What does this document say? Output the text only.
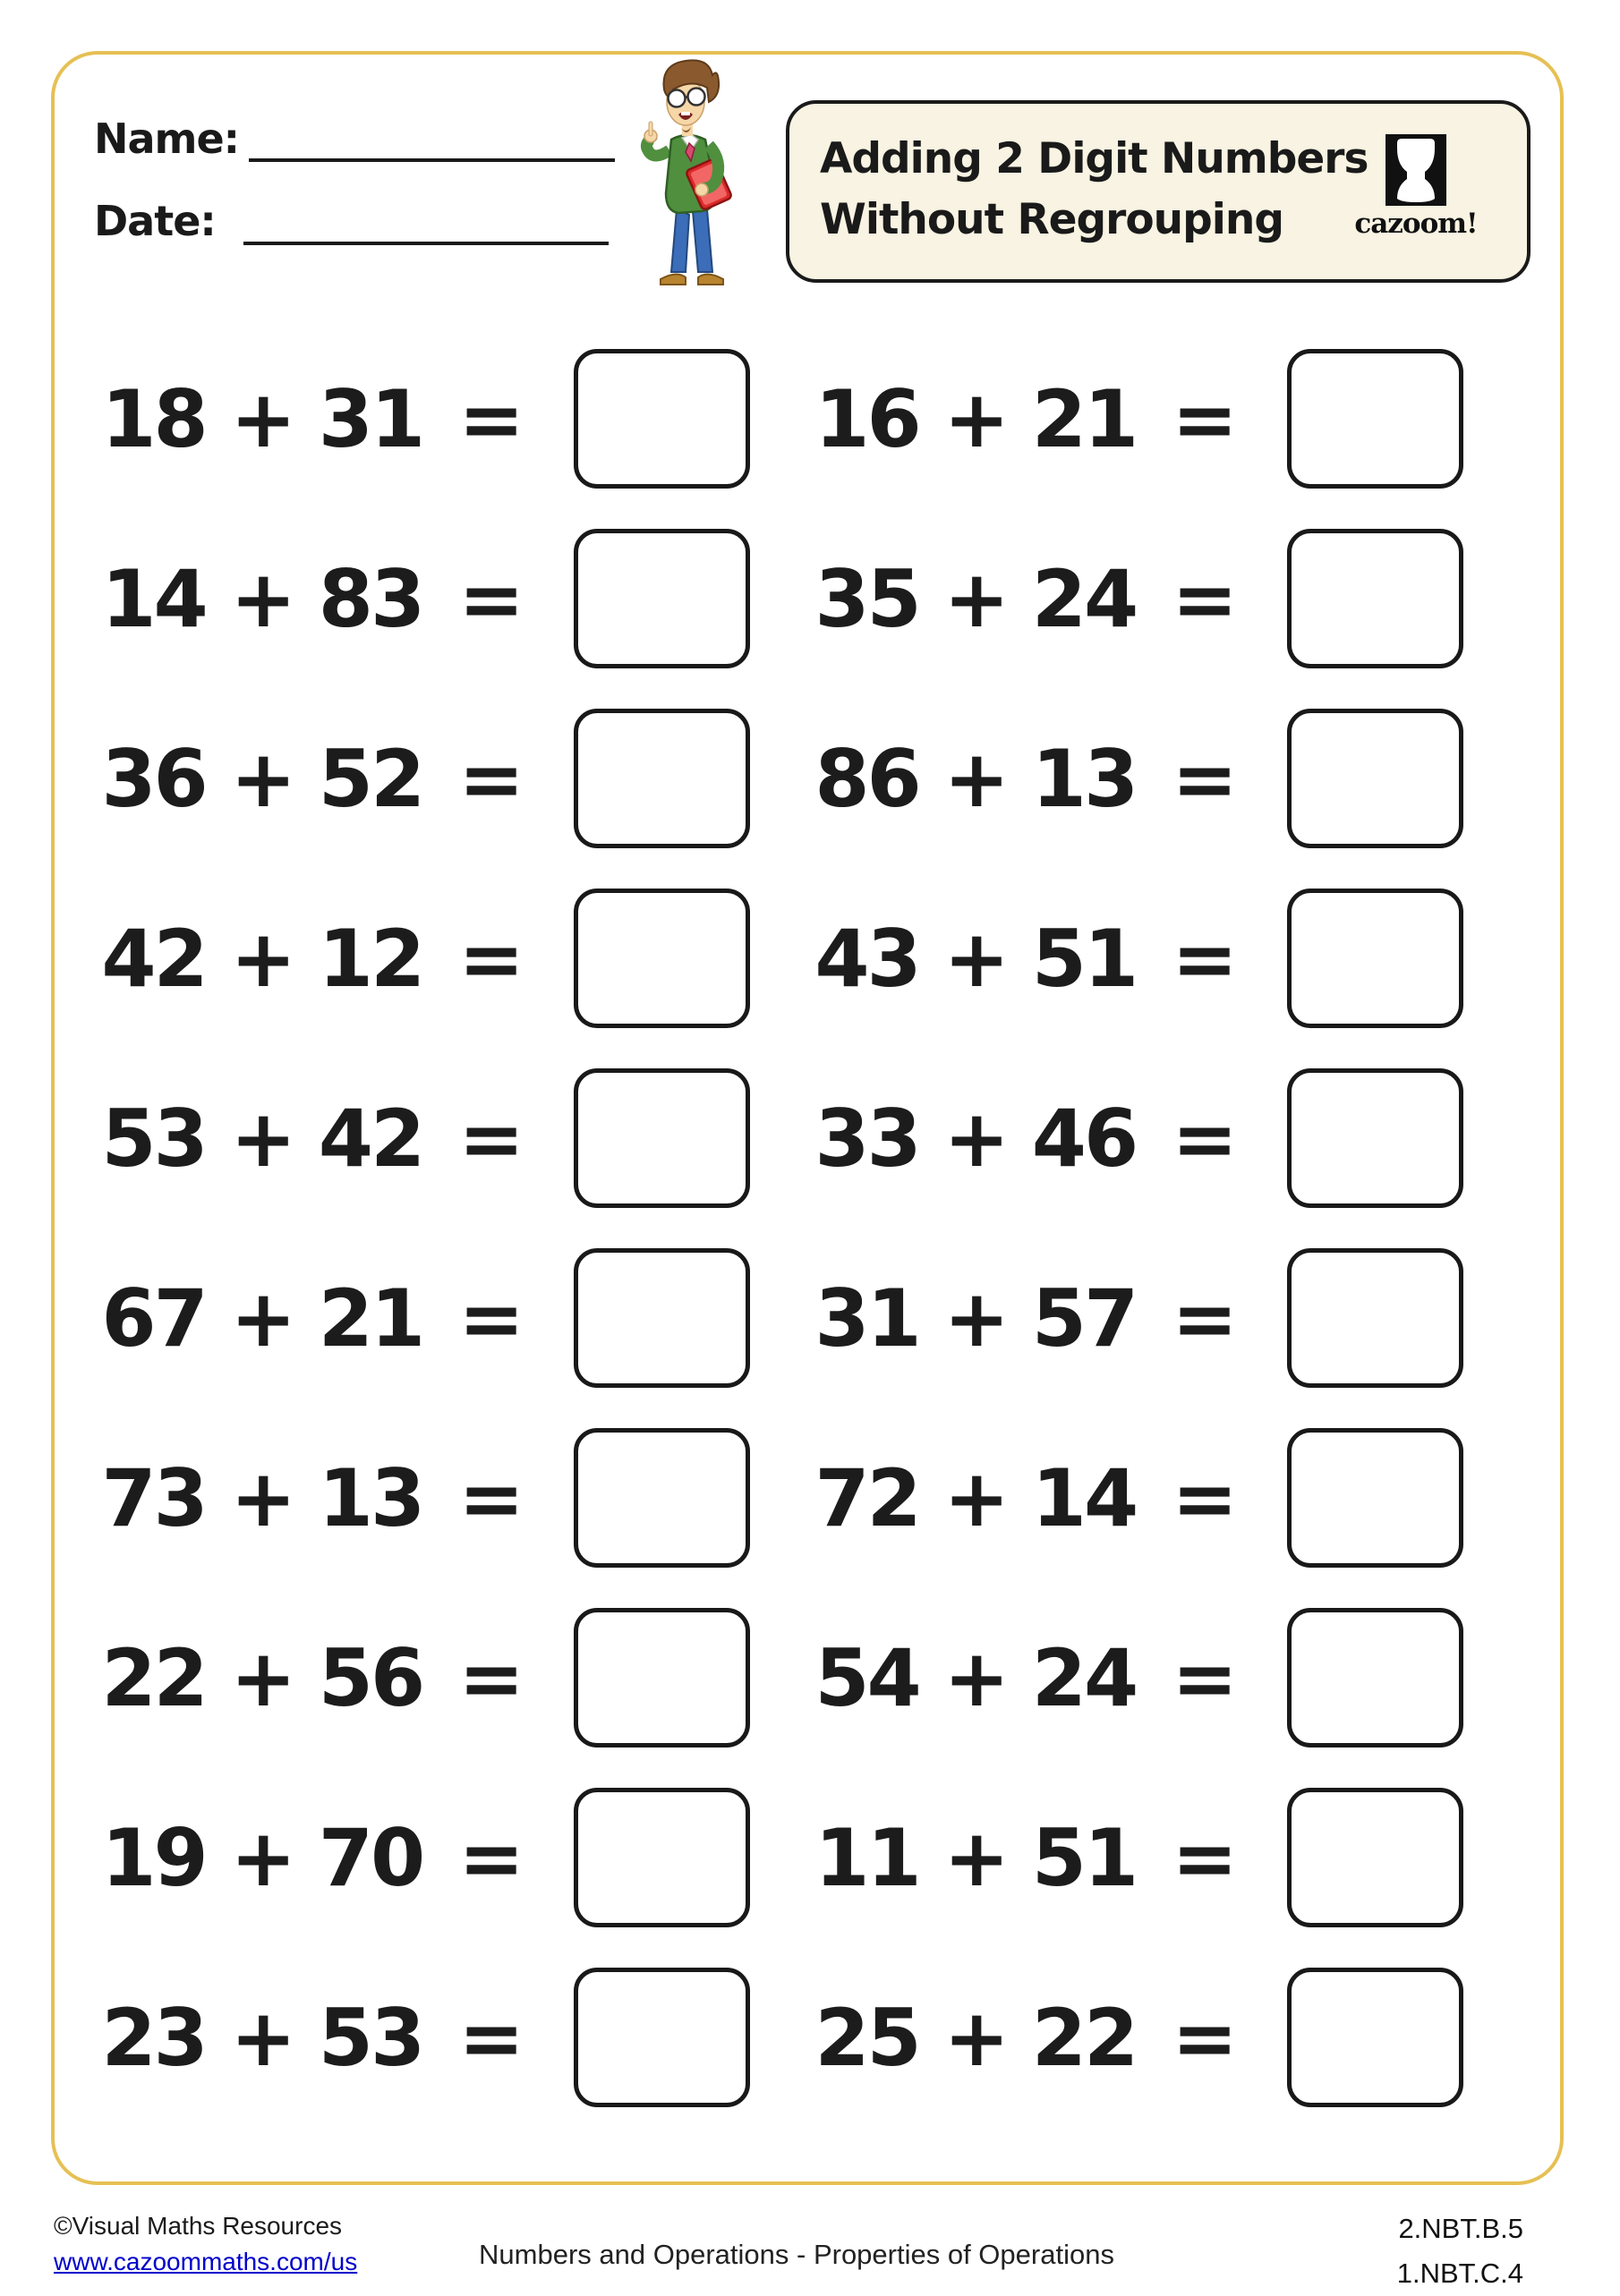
Name:
Date:
Adding 2 Digit Numbers
Without Regrouping	cazoom!
18 + 31 =
14 + 83 =
36 + 52 =
42 + 12 =
53 + 42 =
67 + 21 =
73 + 13 =
22 + 56 =
19 + 70 =
23 + 53 =
16 + 21 =
35 + 24 =
86 + 13 =
43 + 51 =
33 + 46 =
31 + 57 =
72 + 14 =
54 + 24 =
11 + 51 =
25 + 22 =
©Visual Maths Resources
www.cazoommaths.com/us	Numbers and Operations - Properties of Operations
2.NBT.B.5
1.NBT.C.4
